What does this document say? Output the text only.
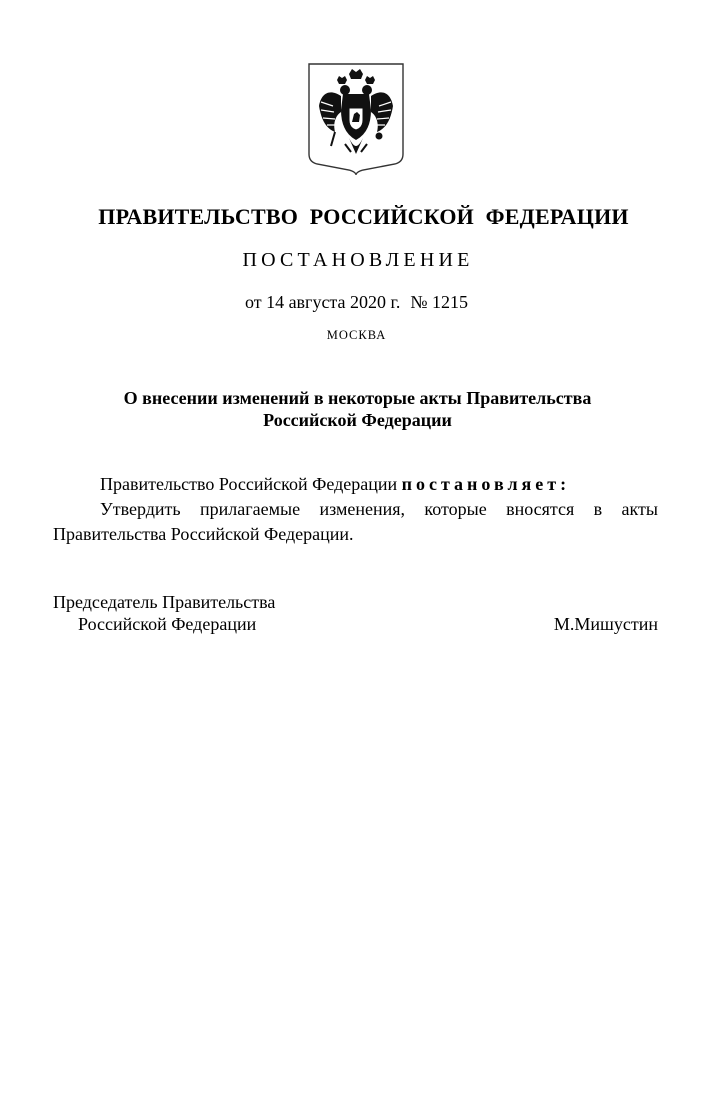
ПРАВИТЕЛЬСТВО РОССИЙСКОЙ ФЕДЕРАЦИИ
ПОСТАНОВЛЕНИЕ
от 14 августа 2020 г. № 1215
МОСКВА
О внесении изменений в некоторые акты Правительства
Российской Федерации
Правительство Российской Федерации постановляет:
Утвердить прилагаемые изменения, которые вносятся в акты
Правительства Российской Федерации.
Председатель Правительства
Российской Федерации	М.Мишустин
